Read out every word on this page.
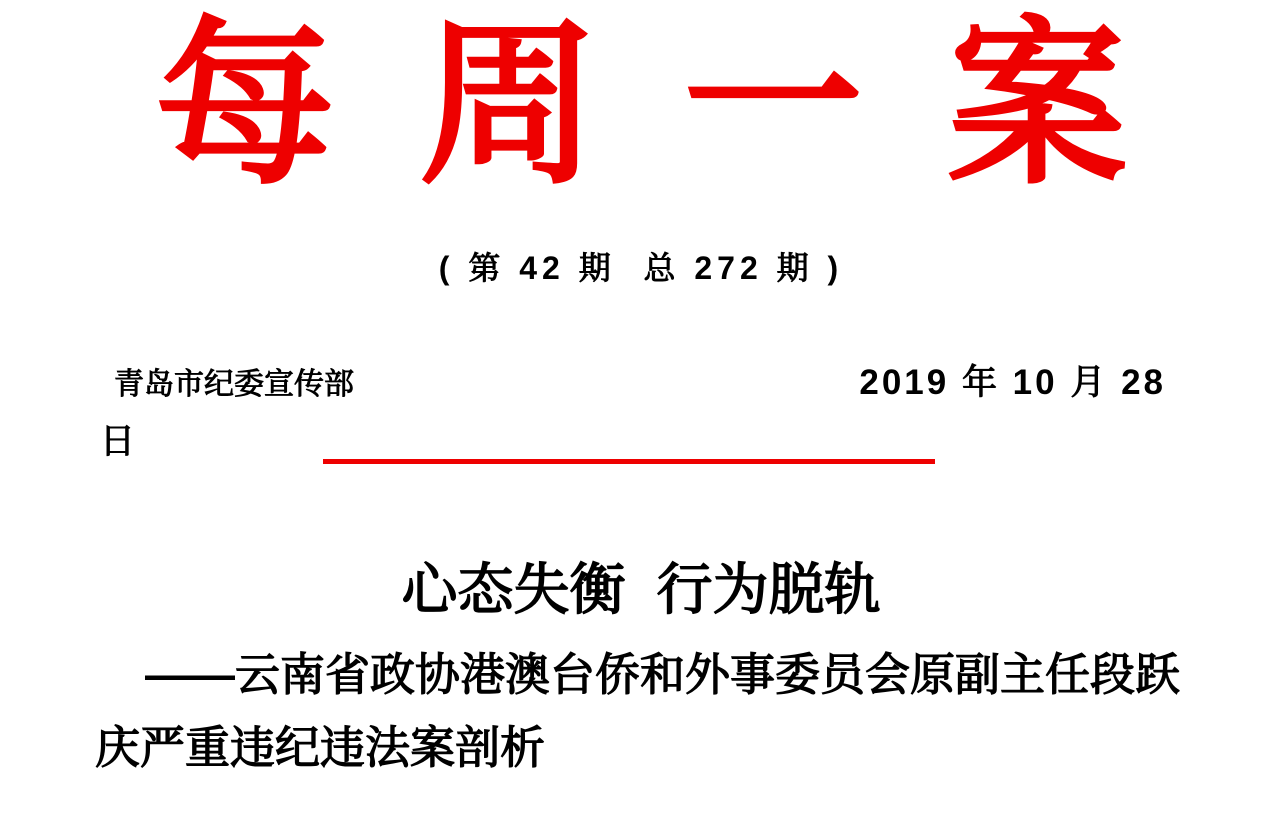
每 周 一 案
( 第 42 期  总 272 期 )
青岛市纪委宣传部	2019 年 10 月 28
日
心态失衡  行为脱轨

——云南省政协港澳台侨和外事委员会原副主任段跃
庆严重违纪违法案剖析
